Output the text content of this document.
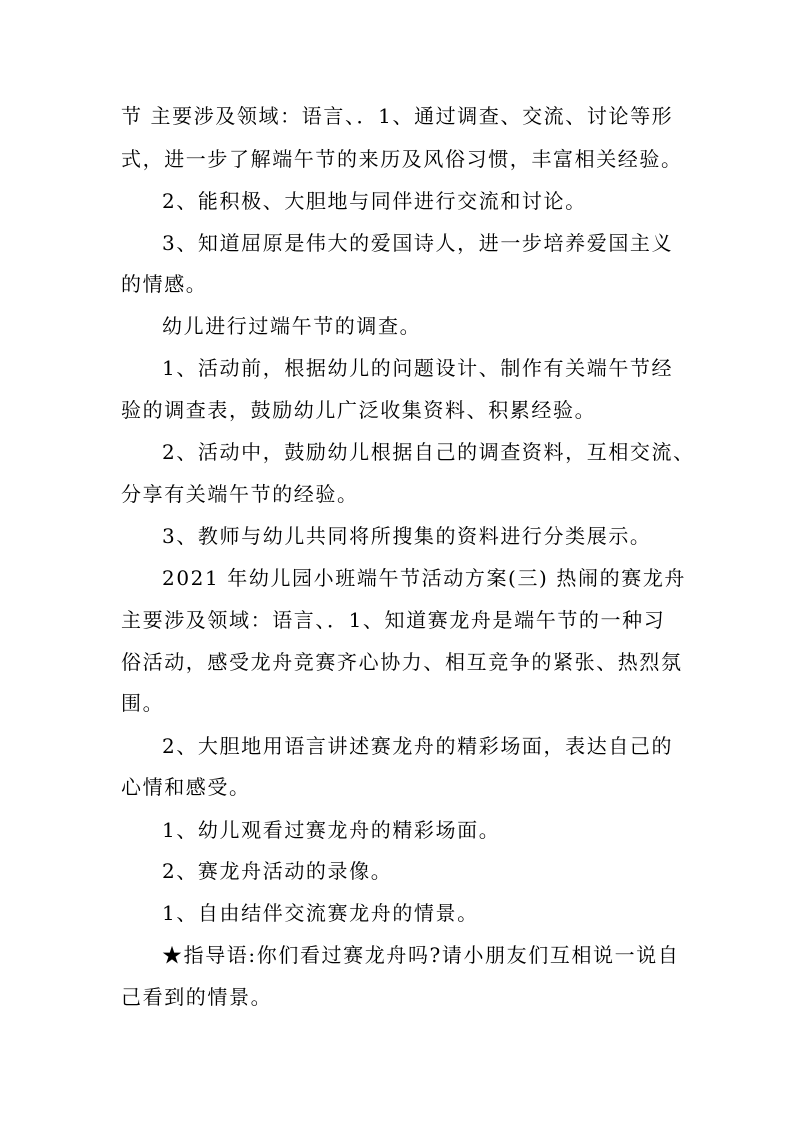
节 主要涉及领域：语言、．1、通过调查、交流、讨论等形
式，进一步了解端午节的来历及风俗习惯，丰富相关经验。
2、能积极、大胆地与同伴进行交流和讨论。
3、知道屈原是伟大的爱国诗人，进一步培养爱国主义
的情感。
幼儿进行过端午节的调查。
1、活动前，根据幼儿的问题设计、制作有关端午节经
验的调查表，鼓励幼儿广泛收集资料、积累经验。
2、活动中，鼓励幼儿根据自己的调查资料，互相交流、
分享有关端午节的经验。
3、教师与幼儿共同将所搜集的资料进行分类展示。
2021 年幼儿园小班端午节活动方案(三) 热闹的赛龙舟
主要涉及领域：语言、．1、知道赛龙舟是端午节的一种习
俗活动，感受龙舟竞赛齐心协力、相互竞争的紧张、热烈氛
围。
2、大胆地用语言讲述赛龙舟的精彩场面，表达自己的
心情和感受。
1、幼儿观看过赛龙舟的精彩场面。
2、赛龙舟活动的录像。
1、自由结伴交流赛龙舟的情景。
★指导语:你们看过赛龙舟吗?请小朋友们互相说一说自
己看到的情景。
